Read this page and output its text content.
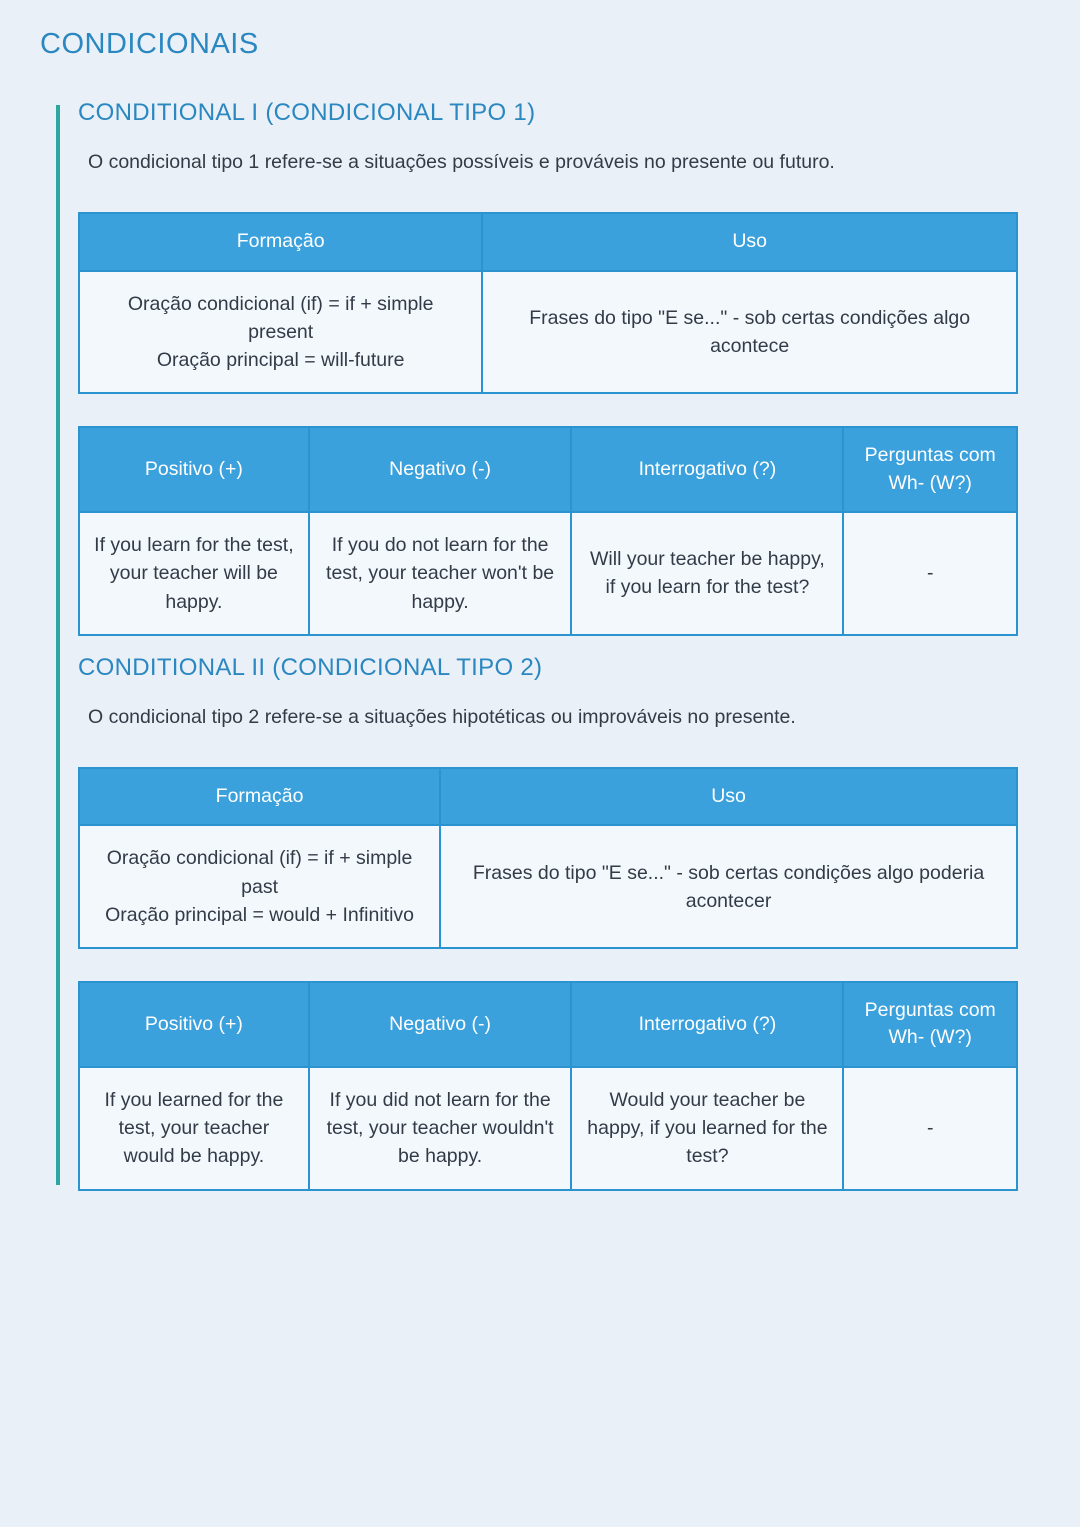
CONDICIONAIS
CONDITIONAL I (CONDICIONAL TIPO 1)

O condicional tipo 1 refere-se a situações possíveis e prováveis no presente ou futuro.

Formação	Uso

Oração condicional (if) = if + simple present
Oração principal = will-future	Frases do tipo "E se..." - sob certas condições algo acontece
Positivo (+)	Negativo (-)	Interrogativo (?)	Perguntas com Wh- (W?)
If you learn for the test, your teacher will be happy.	If you do not learn for the test, your teacher won't be happy.	Will your teacher be happy, if you learn for the test?	-
CONDITIONAL II (CONDICIONAL TIPO 2)

O condicional tipo 2 refere-se a situações hipotéticas ou improváveis no presente.

Formação	Uso

Oração condicional (if) = if + simple past
Oração principal = would + Infinitivo	Frases do tipo "E se..." - sob certas condições algo poderia acontecer
Positivo (+)	Negativo (-)	Interrogativo (?)	Perguntas com Wh- (W?)
If you learned for the test, your teacher would be happy.	If you did not learn for the test, your teacher wouldn't be happy.	Would your teacher be happy, if you learned for the test?	-
